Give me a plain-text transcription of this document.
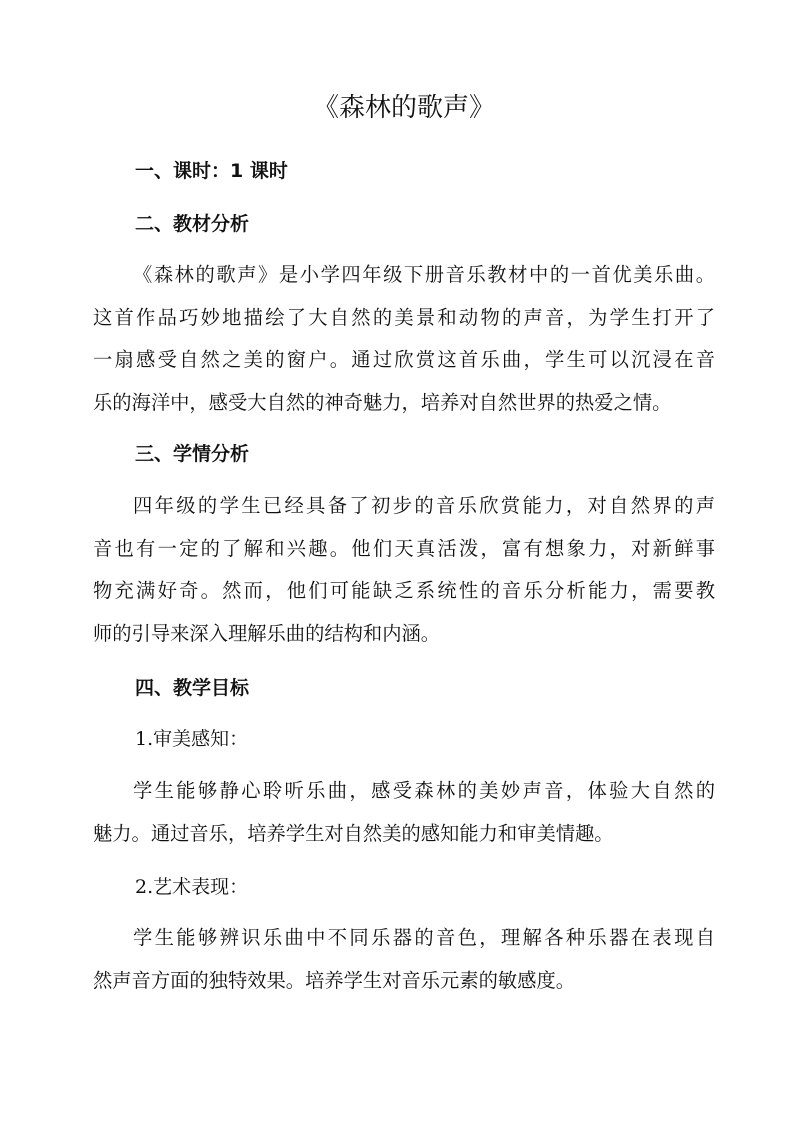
《森林的歌声》
一、课时：1 课时
二、教材分析
《森林的歌声》是小学四年级下册音乐教材中的一首优美乐曲。
这首作品巧妙地描绘了大自然的美景和动物的声音，为学生打开了
一扇感受自然之美的窗户。通过欣赏这首乐曲，学生可以沉浸在音
乐的海洋中，感受大自然的神奇魅力，培养对自然世界的热爱之情。
三、学情分析
四年级的学生已经具备了初步的音乐欣赏能力，对自然界的声
音也有一定的了解和兴趣。他们天真活泼，富有想象力，对新鲜事
物充满好奇。然而，他们可能缺乏系统性的音乐分析能力，需要教
师的引导来深入理解乐曲的结构和内涵。
四、教学目标
1.审美感知：
学生能够静心聆听乐曲，感受森林的美妙声音，体验大自然的
魅力。通过音乐，培养学生对自然美的感知能力和审美情趣。
2.艺术表现：
学生能够辨识乐曲中不同乐器的音色，理解各种乐器在表现自
然声音方面的独特效果。培养学生对音乐元素的敏感度。
